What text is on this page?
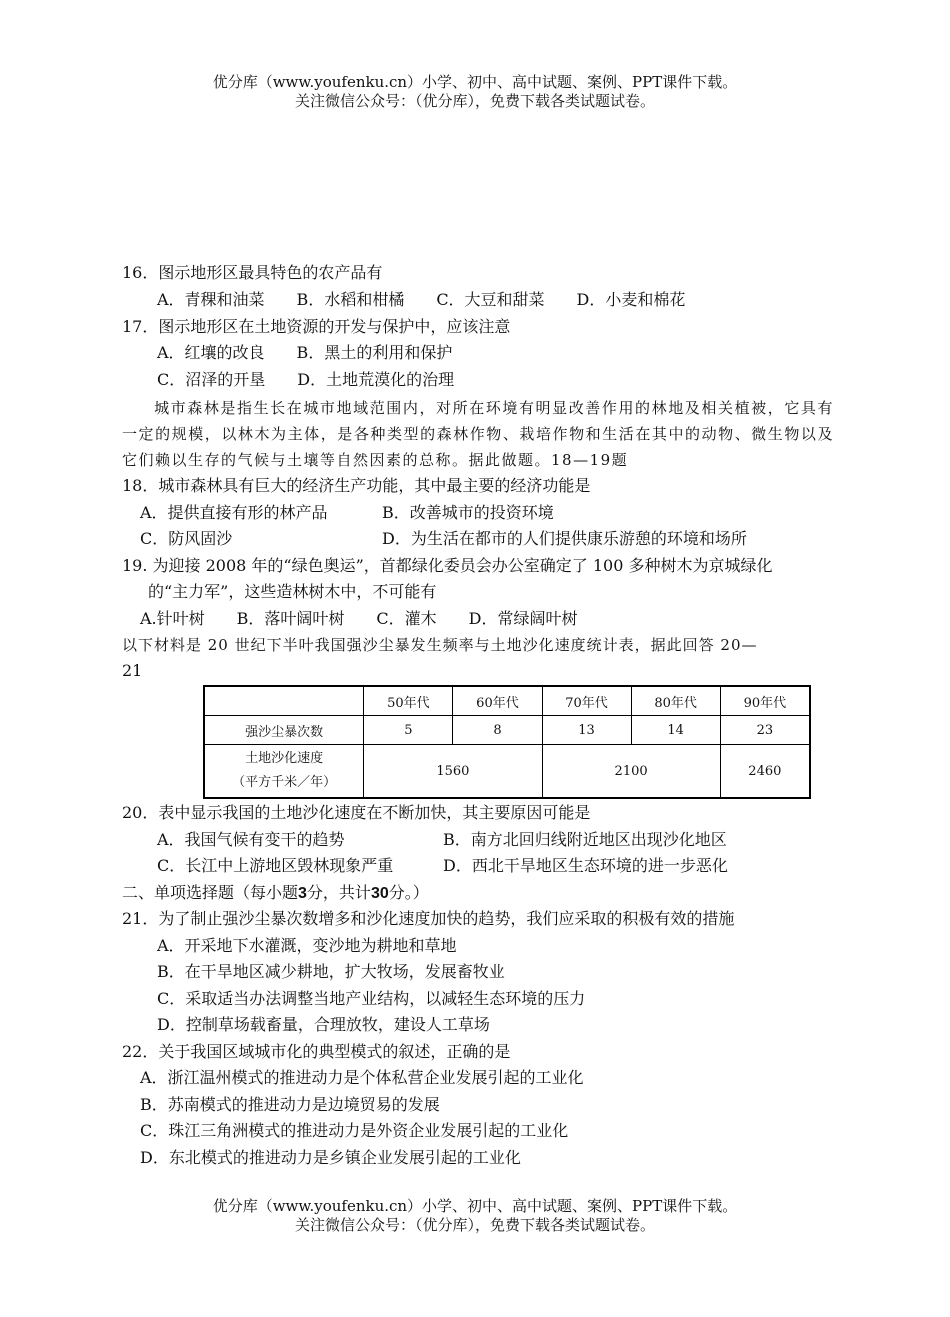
优分库（www.youfenku.cn）小学、初中、高中试题、案例、PPT课件下载。
关注微信公众号：（优分库），免费下载各类试题试卷。
16．图示地形区最具特色的农产品有
A．青稞和油菜　　B．水稻和柑橘　　C．大豆和甜菜　　D．小麦和棉花
17．图示地形区在土地资源的开发与保护中，应该注意
A．红壤的改良　　B．黑土的利用和保护
C．沼泽的开垦　　D．土地荒漠化的治理
城市森林是指生长在城市地域范围内，对所在环境有明显改善作用的林地及相关植被，它具有一定的规模，以林木为主体，是各种类型的森林作物、栽培作物和生活在其中的动物、微生物以及它们赖以生存的气候与土壤等自然因素的总称。据此做题。18—19题
18．城市森林具有巨大的经济生产功能，其中最主要的经济功能是
A．提供直接有形的林产品	B．改善城市的投资环境
C．防风固沙	D．为生活在都市的人们提供康乐游憩的环境和场所
19. 为迎接 2008 年的“绿色奥运”，首都绿化委员会办公室确定了 100 多种树木为京城绿化
的“主力军”，这些造林树木中，不可能有
A.针叶树　　B．落叶阔叶树　　C．灌木　　D．常绿阔叶树
以下材料是 20 世纪下半叶我国强沙尘暴发生频率与土地沙化速度统计表，据此回答 20—
21
	50年代	60年代	70年代	80年代	90年代
强沙尘暴次数	5	8	13	14	23

土地沙化速度
（平方千米／年）	1560		2100		2460
20．表中显示我国的土地沙化速度在不断加快，其主要原因可能是
A．我国气候有变干的趋势	B．南方北回归线附近地区出现沙化地区
C．长江中上游地区毁林现象严重	D．西北干旱地区生态环境的进一步恶化
二、单项选择题（每小题3分，共计30分。）
21．为了制止强沙尘暴次数增多和沙化速度加快的趋势，我们应采取的积极有效的措施
A．开采地下水灌溉，变沙地为耕地和草地
B．在干旱地区减少耕地，扩大牧场，发展畜牧业
C．采取适当办法调整当地产业结构，以减轻生态环境的压力
D．控制草场载畜量，合理放牧，建设人工草场
22．关于我国区域城市化的典型模式的叙述，正确的是
A．浙江温州模式的推进动力是个体私营企业发展引起的工业化
B．苏南模式的推进动力是边境贸易的发展
C．珠江三角洲模式的推进动力是外资企业发展引起的工业化
D．东北模式的推进动力是乡镇企业发展引起的工业化
优分库（www.youfenku.cn）小学、初中、高中试题、案例、PPT课件下载。
关注微信公众号：（优分库），免费下载各类试题试卷。
